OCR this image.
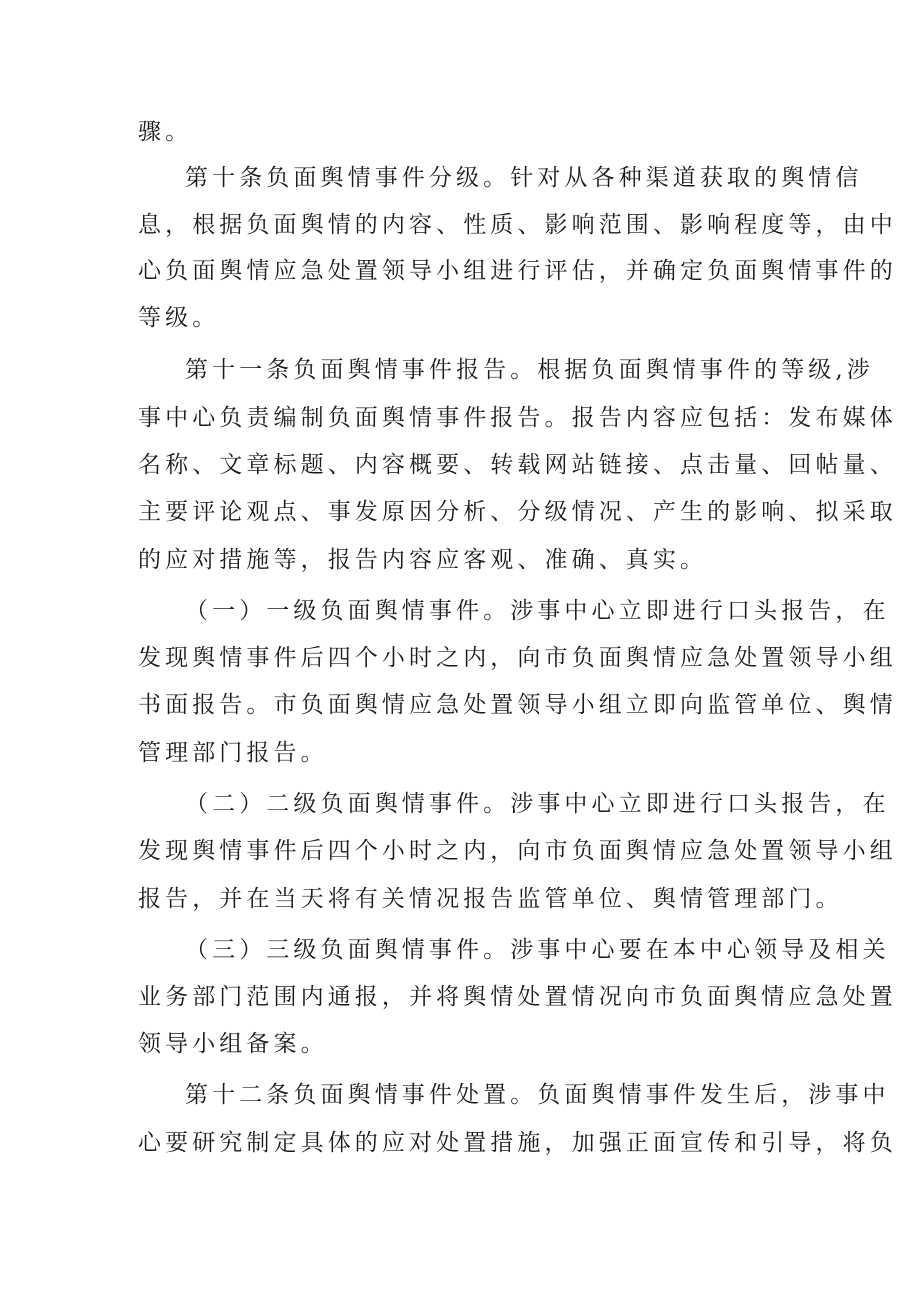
骤。
第十条负面舆情事件分级。针对从各种渠道获取的舆情信
息，根据负面舆情的内容、性质、影响范围、影响程度等，由中
心负面舆情应急处置领导小组进行评估，并确定负面舆情事件的
等级。
第十一条负面舆情事件报告。根据负面舆情事件的等级,涉
事中心负责编制负面舆情事件报告。报告内容应包括：发布媒体
名称、文章标题、内容概要、转载网站链接、点击量、回帖量、
主要评论观点、事发原因分析、分级情况、产生的影响、拟采取
的应对措施等，报告内容应客观、准确、真实。
（一）一级负面舆情事件。涉事中心立即进行口头报告，在
发现舆情事件后四个小时之内，向市负面舆情应急处置领导小组
书面报告。市负面舆情应急处置领导小组立即向监管单位、舆情
管理部门报告。
（二）二级负面舆情事件。涉事中心立即进行口头报告，在
发现舆情事件后四个小时之内，向市负面舆情应急处置领导小组
报告，并在当天将有关情况报告监管单位、舆情管理部门。
（三）三级负面舆情事件。涉事中心要在本中心领导及相关
业务部门范围内通报，并将舆情处置情况向市负面舆情应急处置
领导小组备案。
第十二条负面舆情事件处置。负面舆情事件发生后，涉事中
心要研究制定具体的应对处置措施，加强正面宣传和引导，将负
